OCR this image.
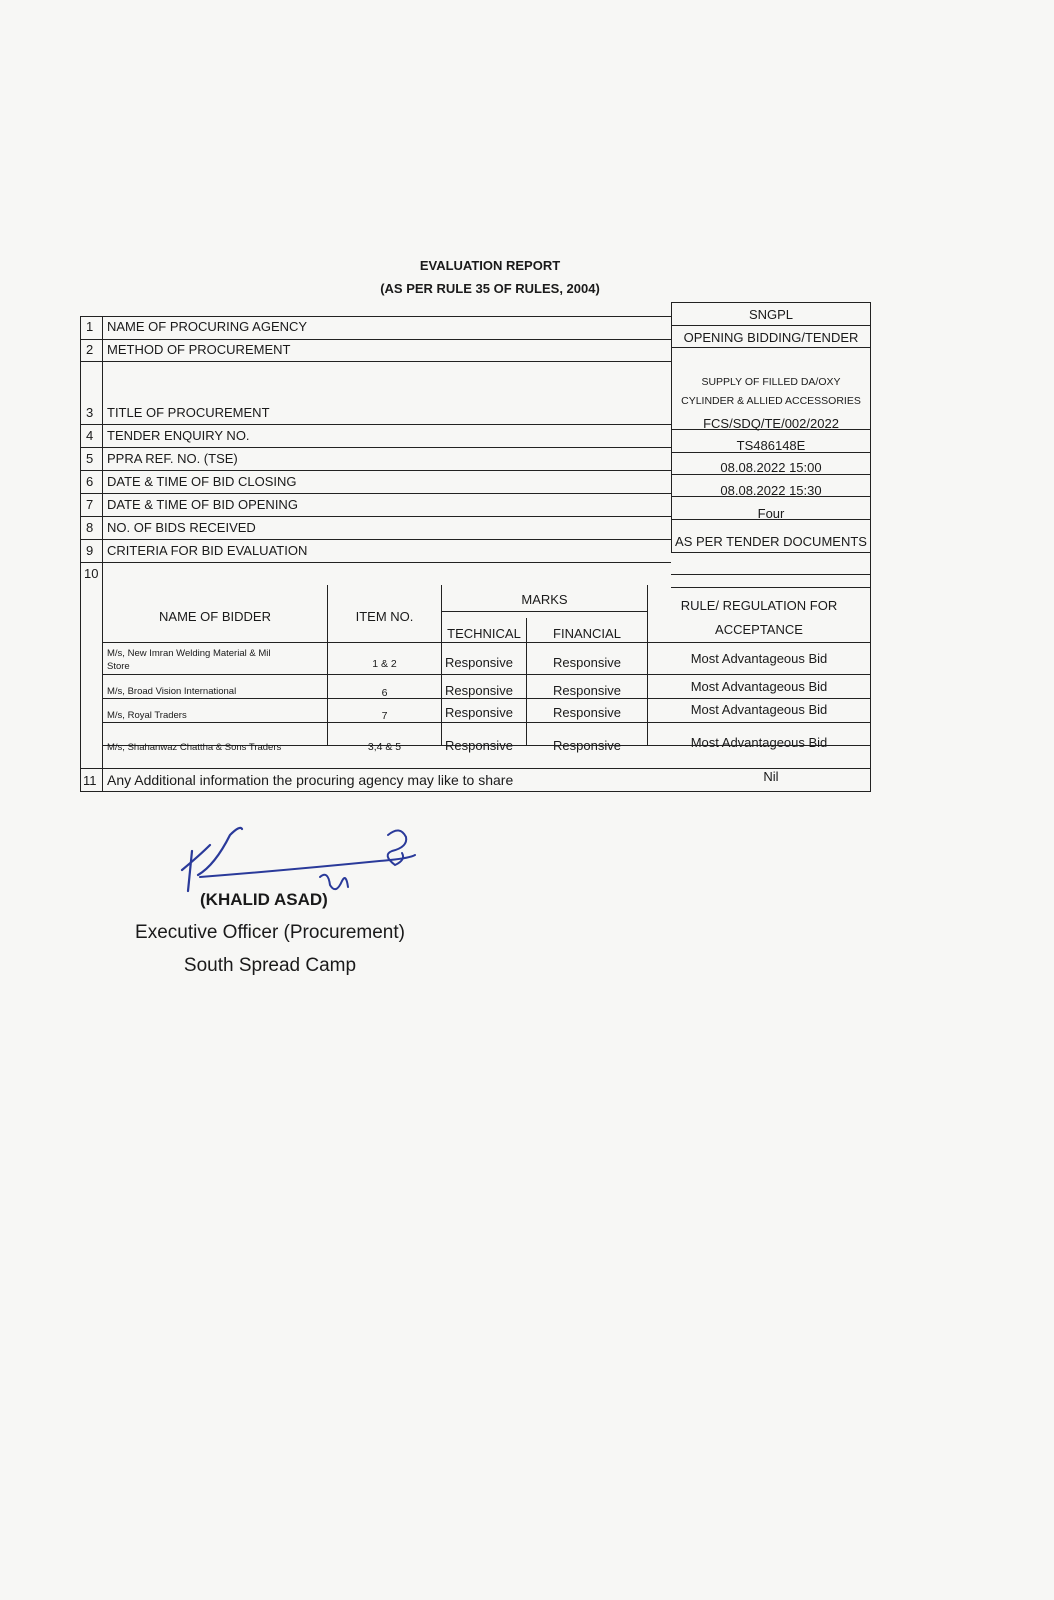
EVALUATION REPORT
(AS PER RULE 35 OF RULES, 2004)
1 NAME OF PROCURING AGENCY
SNGPL
2 METHOD OF PROCUREMENT
OPENING BIDDING/TENDER
3 TITLE OF PROCUREMENT
SUPPLY OF FILLED DA/OXY
CYLINDER & ALLIED ACCESSORIES
4 TENDER ENQUIRY NO.
FCS/SDQ/TE/002/2022
5 PPRA REF. NO. (TSE)
TS486148E
6 DATE & TIME OF BID CLOSING
08.08.2022 15:00
7 DATE & TIME OF BID OPENING
08.08.2022 15:30
8 NO. OF BIDS RECEIVED
Four
9 CRITERIA FOR BID EVALUATION
AS PER TENDER DOCUMENTS
10
NAME OF BIDDER	ITEM NO.
MARKS
TECHNICAL	FINANCIAL
RULE/ REGULATION FOR
ACCEPTANCE
M/s, New Imran Welding Material & Mil
Store	1 & 2	Responsive	Responsive	Most Advantageous Bid
M/s, Broad Vision International	6	Responsive	Responsive	Most Advantageous Bid
M/s, Royal Traders	7	Responsive	Responsive	Most Advantageous Bid
M/s, Shahanwaz Chattha & Sons Traders	3,4 & 5	Responsive	Responsive	Most Advantageous Bid
11 Any Additional information the procuring agency may like to share	Nil
(KHALID ASAD)
Executive Officer (Procurement)
South Spread Camp
